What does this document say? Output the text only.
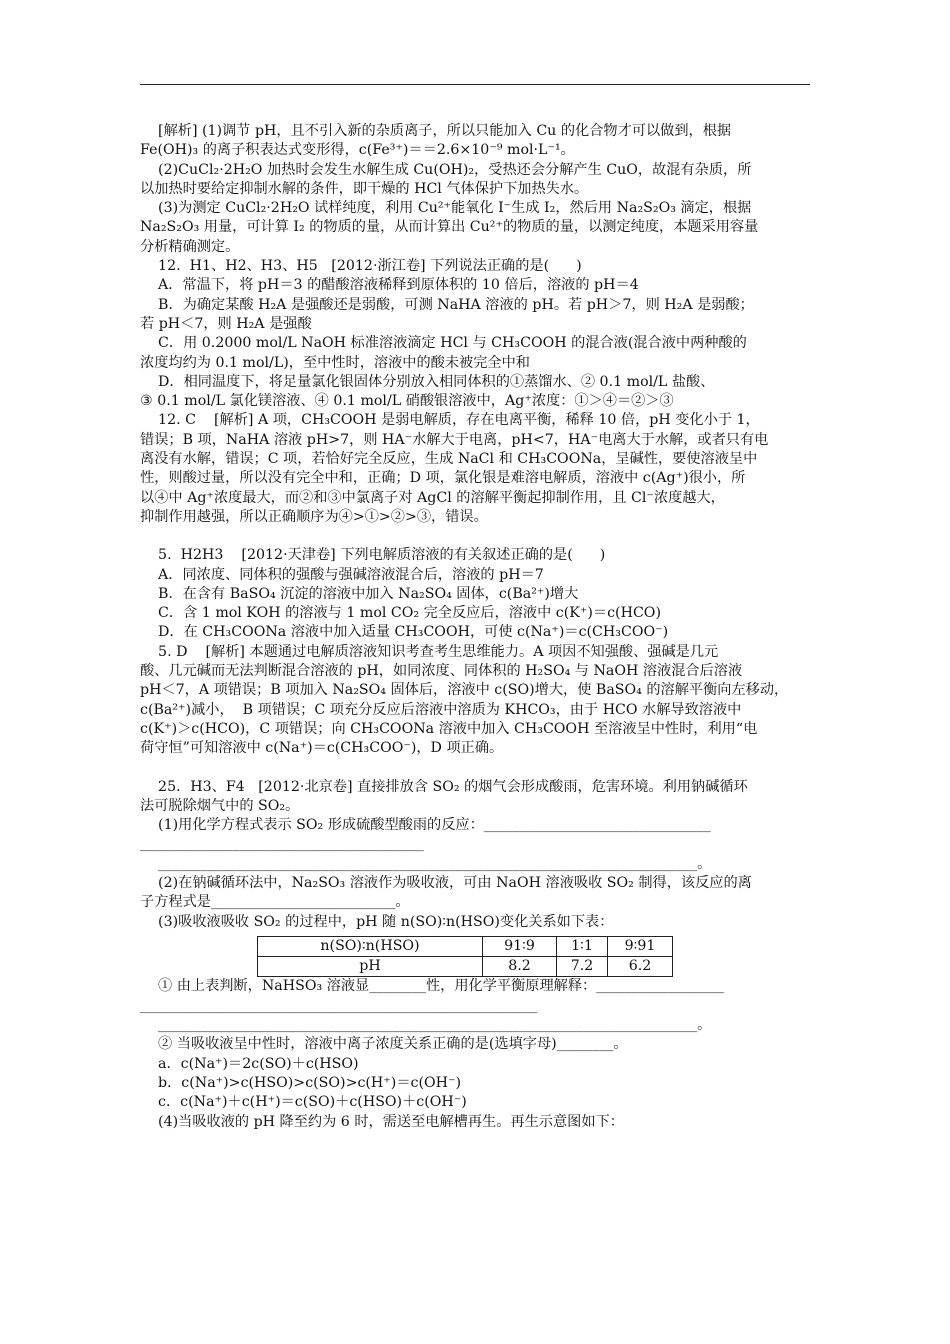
[解析] (1)调节 pH，且不引入新的杂质离子，所以只能加入 Cu 的化合物才可以做到，根据
Fe(OH)₃ 的离子积表达式变形得，c(Fe³⁺)＝＝2.6×10⁻⁹ mol·L⁻¹。
(2)CuCl₂·2H₂O 加热时会发生水解生成 Cu(OH)₂，受热还会分解产生 CuO，故混有杂质，所
以加热时要给定抑制水解的条件，即干燥的 HCl 气体保护下加热失水。
(3)为测定 CuCl₂·2H₂O 试样纯度，利用 Cu²⁺能氧化 I⁻生成 I₂，然后用 Na₂S₂O₃ 滴定，根据
Na₂S₂O₃ 用量，可计算 I₂ 的物质的量，从而计算出 Cu²⁺的物质的量，以测定纯度，本题采用容量
分析精确测定。
12.  H1、H2、H3、H5   [2012·浙江卷] 下列说法正确的是(      )
A．常温下，将 pH＝3 的醋酸溶液稀释到原体积的 10 倍后，溶液的 pH＝4
B．为确定某酸 H₂A 是强酸还是弱酸，可测 NaHA 溶液的 pH。若 pH＞7，则 H₂A 是弱酸；
若 pH＜7，则 H₂A 是强酸
C．用 0.2000 mol/L NaOH 标准溶液滴定 HCl 与 CH₃COOH 的混合液(混合液中两种酸的
浓度均约为 0.1 mol/L)，至中性时，溶液中的酸未被完全中和
D．相同温度下，将足量氯化银固体分别放入相同体积的①蒸馏水、② 0.1 mol/L 盐酸、
③ 0.1 mol/L 氯化镁溶液、④ 0.1 mol/L 硝酸银溶液中，Ag⁺浓度：①＞④＝②＞③
12. C    [解析] A 项，CH₃COOH 是弱电解质，存在电离平衡，稀释 10 倍，pH 变化小于 1，
错误；B 项，NaHA 溶液 pH>7，则 HA⁻水解大于电离，pH<7，HA⁻电离大于水解，或者只有电
离没有水解，错误；C 项，若恰好完全反应，生成 NaCl 和 CH₃COONa，呈碱性，要使溶液呈中
性，则酸过量，所以没有完全中和，正确；D 项，氯化银是难溶电解质，溶液中 c(Ag⁺)很小，所
以④中 Ag⁺浓度最大，而②和③中氯离子对 AgCl 的溶解平衡起抑制作用，且 Cl⁻浓度越大，
抑制作用越强，所以正确顺序为④>①>②>③，错误。
5.  H2H3    [2012·天津卷] 下列电解质溶液的有关叙述正确的是(      )
A．同浓度、同体积的强酸与强碱溶液混合后，溶液的 pH＝7
B．在含有 BaSO₄ 沉淀的溶液中加入 Na₂SO₄ 固体，c(Ba²⁺)增大
C．含 1 mol KOH 的溶液与 1 mol CO₂ 完全反应后，溶液中 c(K⁺)＝c(HCO)
D．在 CH₃COONa 溶液中加入适量 CH₃COOH，可使 c(Na⁺)＝c(CH₃COO⁻)
5. D    [解析] 本题通过电解质溶液知识考查考生思维能力。A 项因不知强酸、强碱是几元
酸、几元碱而无法判断混合溶液的 pH，如同浓度、同体积的 H₂SO₄ 与 NaOH 溶液混合后溶液
pH＜7，A 项错误；B 项加入 Na₂SO₄ 固体后，溶液中 c(SO)增大，使 BaSO₄ 的溶解平衡向左移动，
c(Ba²⁺)减小，  B 项错误；C 项充分反应后溶液中溶质为 KHCO₃，由于 HCO 水解导致溶液中
c(K⁺)＞c(HCO)，C 项错误；向 CH₃COONa 溶液中加入 CH₃COOH 至溶液呈中性时，利用“电
荷守恒”可知溶液中 c(Na⁺)＝c(CH₃COO⁻)，D 项正确。
25．H3、F4   [2012·北京卷] 直接排放含 SO₂ 的烟气会形成酸雨，危害环境。利用钠碱循环
法可脱除烟气中的 SO₂。
(1)用化学方程式表示 SO₂ 形成硫酸型酸雨的反应：________________________________
________________________________________
____________________________________________________________________________。
(2)在钠碱循环法中，Na₂SO₃ 溶液作为吸收液，可由 NaOH 溶液吸收 SO₂ 制得，该反应的离
子方程式是__________________________。
(3)吸收液吸收 SO₂ 的过程中，pH 随 n(SO)∶n(HSO)变化关系如下表：
n(SO)∶n(HSO)	91∶9	1∶1	9∶91
pH	8.2	7.2	6.2
① 由上表判断，NaHSO₃ 溶液显________性，用化学平衡原理解释：__________________
________________________________________________________
____________________________________________________________________________。
② 当吸收液呈中性时，溶液中离子浓度关系正确的是(选填字母)________。
a．c(Na⁺)＝2c(SO)＋c(HSO)
b．c(Na⁺)>c(HSO)>c(SO)>c(H⁺)＝c(OH⁻)
c．c(Na⁺)＋c(H⁺)＝c(SO)＋c(HSO)＋c(OH⁻)
(4)当吸收液的 pH 降至约为 6 时，需送至电解槽再生。再生示意图如下：
